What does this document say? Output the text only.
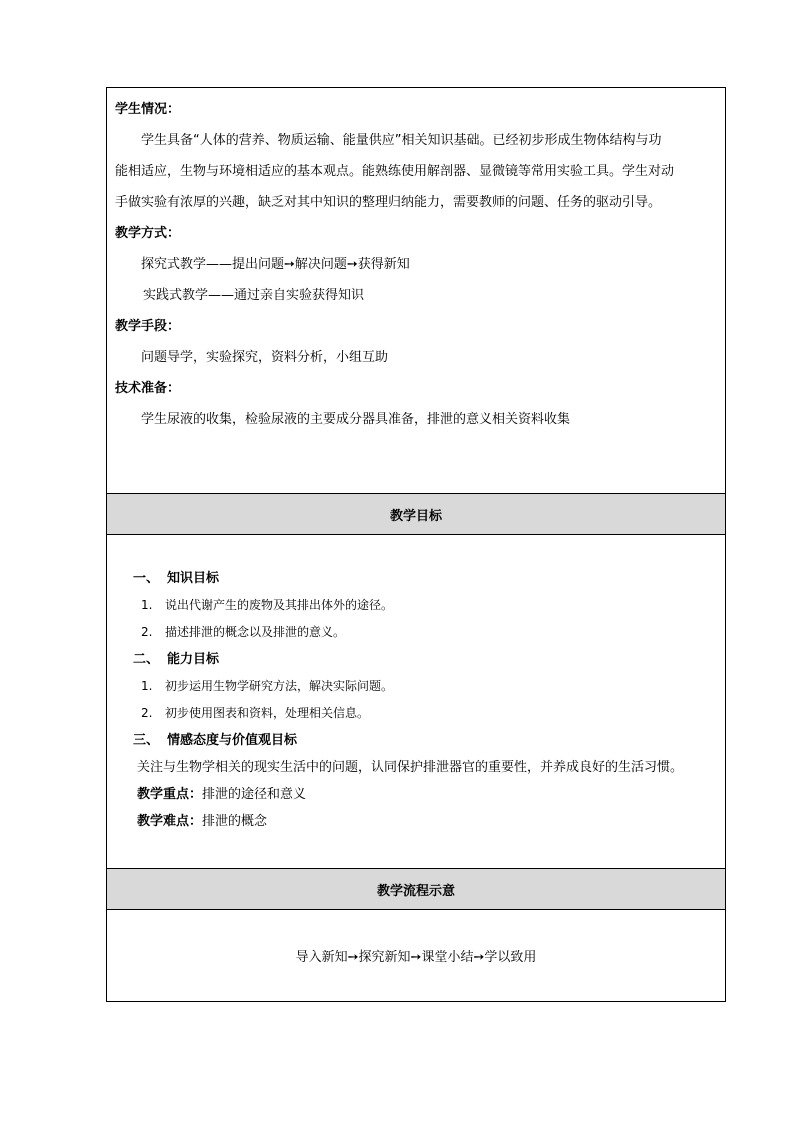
学生情况：
学生具备“人体的营养、物质运输、能量供应”相关知识基础。已经初步形成生物体结构与功
能相适应，生物与环境相适应的基本观点。能熟练使用解剖器、显微镜等常用实验工具。学生对动
手做实验有浓厚的兴趣，缺乏对其中知识的整理归纳能力，需要教师的问题、任务的驱动引导。
教学方式：
探究式教学——提出问题➙解决问题➙获得新知
实践式教学——通过亲自实验获得知识
教学手段：
问题导学，实验探究，资料分析，小组互助
技术准备：
学生尿液的收集，检验尿液的主要成分器具准备，排泄的意义相关资料收集
教学目标
一、 知识目标
1. 说出代谢产生的废物及其排出体外的途径。
2. 描述排泄的概念以及排泄的意义。
二、 能力目标
1. 初步运用生物学研究方法，解决实际问题。
2. 初步使用图表和资料，处理相关信息。
三、 情感态度与价值观目标
关注与生物学相关的现实生活中的问题，认同保护排泄器官的重要性，并养成良好的生活习惯。
教学重点：排泄的途径和意义
教学难点：排泄的概念
教学流程示意
导入新知➙探究新知➙课堂小结➙学以致用
